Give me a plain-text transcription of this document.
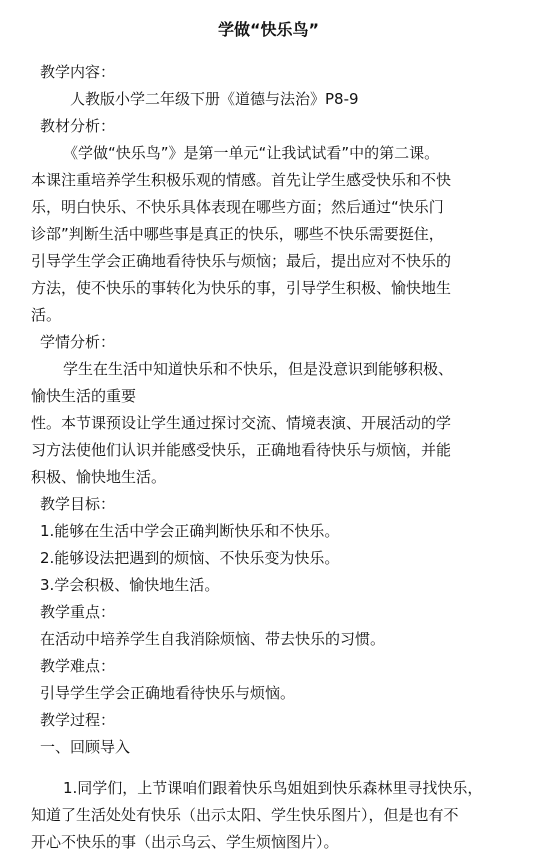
学做“快乐鸟”
教学内容：
人教版小学二年级下册《道德与法治》P8-9
教材分析：
《学做“快乐鸟”》是第一单元“让我试试看”中的第二课。
本课注重培养学生积极乐观的情感。首先让学生感受快乐和不快
乐，明白快乐、不快乐具体表现在哪些方面；然后通过“快乐门
诊部”判断生活中哪些事是真正的快乐，哪些不快乐需要挺住，
引导学生学会正确地看待快乐与烦恼；最后，提出应对不快乐的
方法，使不快乐的事转化为快乐的事，引导学生积极、愉快地生
活。
学情分析：
学生在生活中知道快乐和不快乐，但是没意识到能够积极、
愉快生活的重要
性。本节课预设让学生通过探讨交流、情境表演、开展活动的学
习方法使他们认识并能感受快乐，正确地看待快乐与烦恼，并能
积极、愉快地生活。
教学目标：
1.能够在生活中学会正确判断快乐和不快乐。
2.能够设法把遇到的烦恼、不快乐变为快乐。
3.学会积极、愉快地生活。
教学重点：
在活动中培养学生自我消除烦恼、带去快乐的习惯。
教学难点：
引导学生学会正确地看待快乐与烦恼。
教学过程：
一、回顾导入
1.同学们，上节课咱们跟着快乐鸟姐姐到快乐森林里寻找快乐，
知道了生活处处有快乐（出示太阳、学生快乐图片），但是也有不
开心不快乐的事（出示乌云、学生烦恼图片）。
